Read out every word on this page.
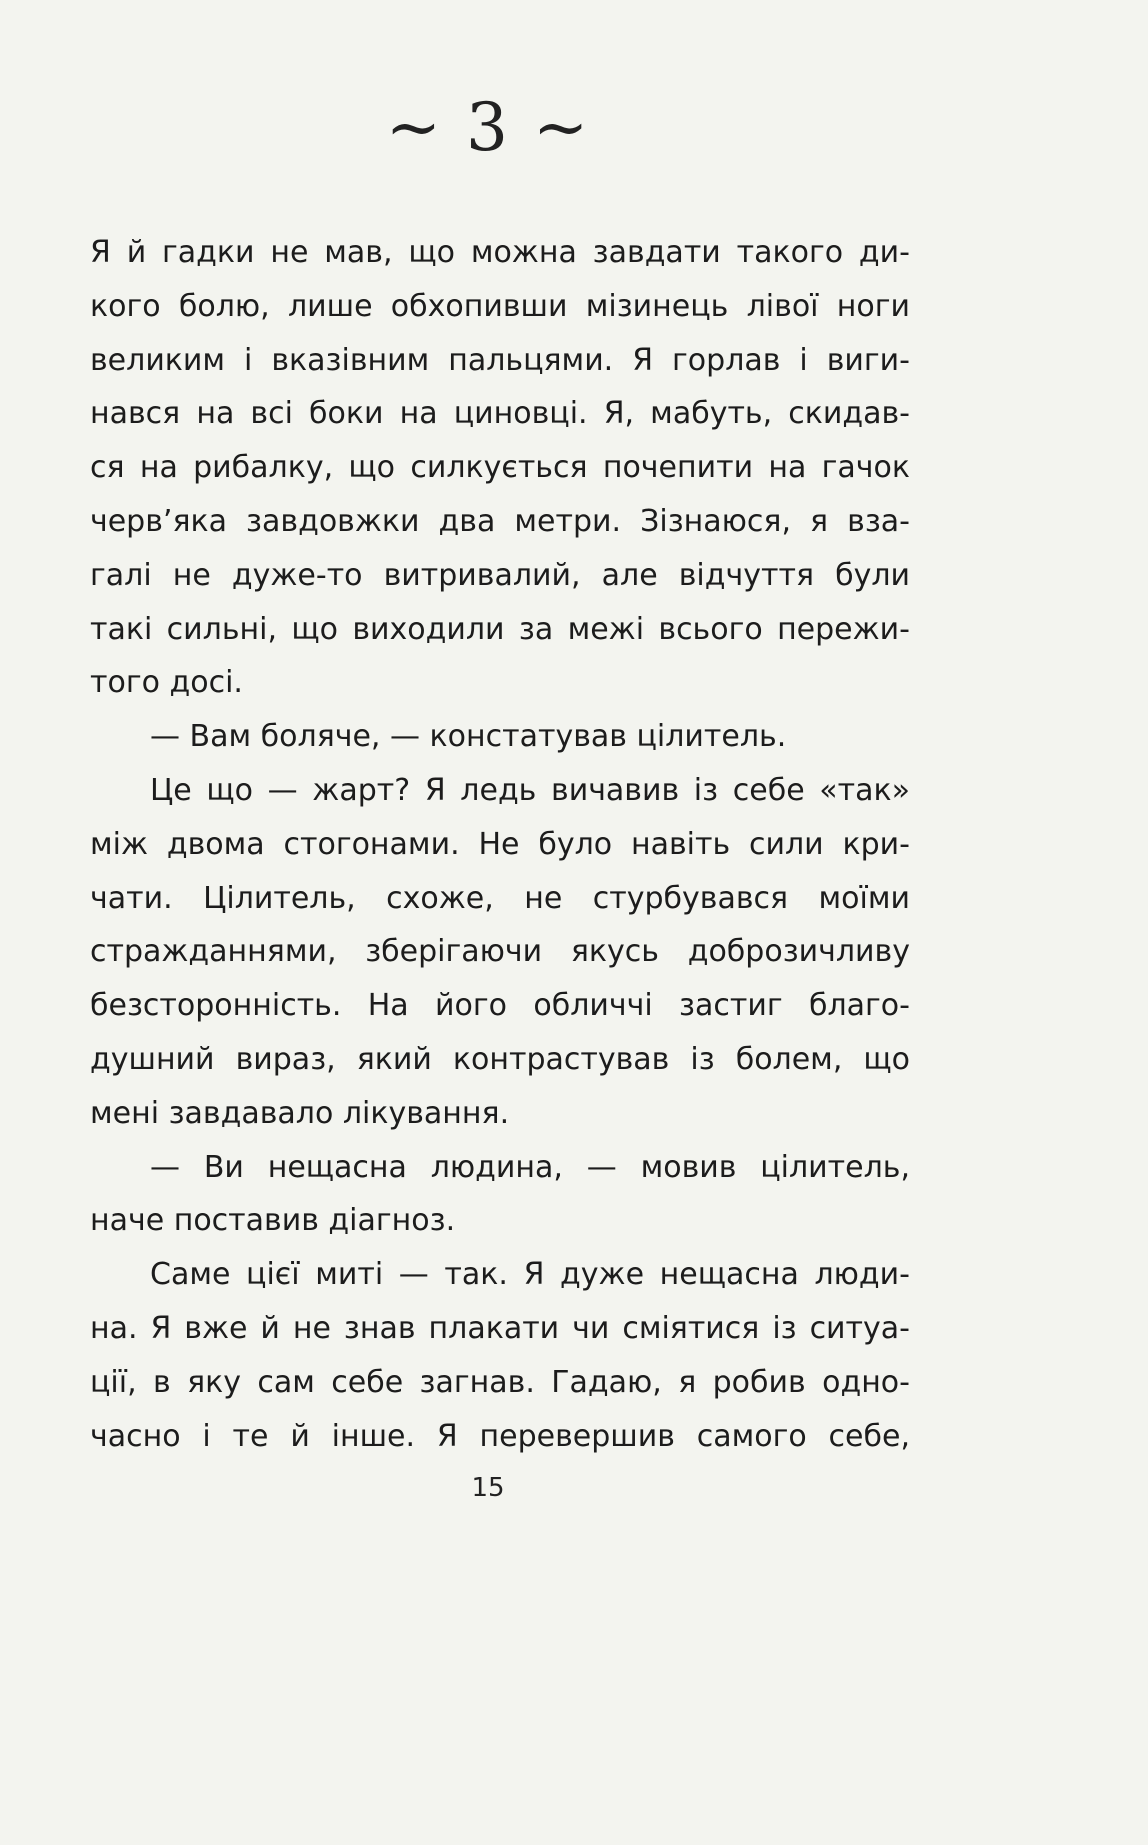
~ 3 ~
Я й гадки не мав, що можна завдати такого ди-
кого болю, лише обхопивши мізинець лівої ноги
великим і вказівним пальцями. Я горлав і виги-
нався на всі боки на циновці. Я, мабуть, скидав-
ся на рибалку, що силкується почепити на гачок
черв’яка завдовжки два метри. Зізнаюся, я вза-
галі не дуже-то витривалий, але відчуття були
такі сильні, що виходили за межі всього пережи-
того досі.
— Вам боляче, — констатував цілитель.
Це що — жарт? Я ледь вичавив із себе «так»
між двома стогонами. Не було навіть сили кри-
чати. Цілитель, схоже, не стурбувався моїми
стражданнями, зберігаючи якусь доброзичливу
безсторонність. На його обличчі застиг благо-
душний вираз, який контрастував із болем, що
мені завдавало лікування.
— Ви нещасна людина, — мовив цілитель,
наче поставив діагноз.
Саме цієї миті — так. Я дуже нещасна люди-
на. Я вже й не знав плакати чи сміятися із ситуа-
ції, в яку сам себе загнав. Гадаю, я робив одно-
часно і те й інше. Я перевершив самого себе,
15
